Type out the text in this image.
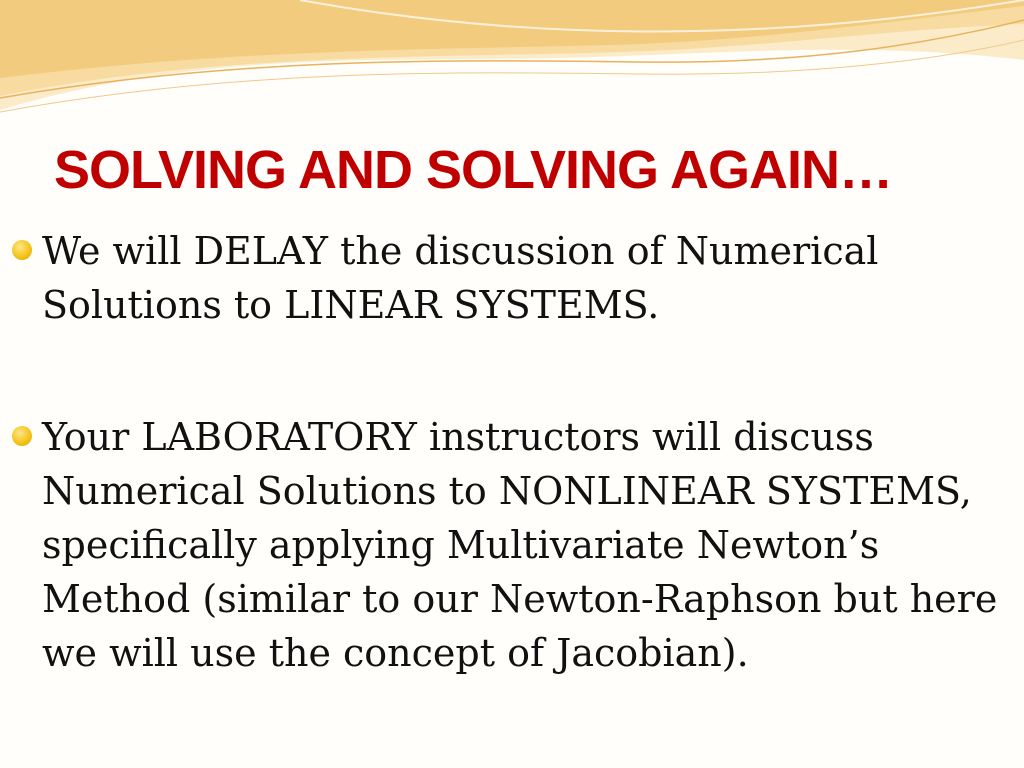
SOLVING AND SOLVING AGAIN…
We will DELAY the discussion of Numerical Solutions to LINEAR SYSTEMS.
Your LABORATORY instructors will discuss Numerical Solutions to NONLINEAR SYSTEMS, specifically applying Multivariate Newton’s Method (similar to our Newton-Raphson but here we will use the concept of Jacobian).
